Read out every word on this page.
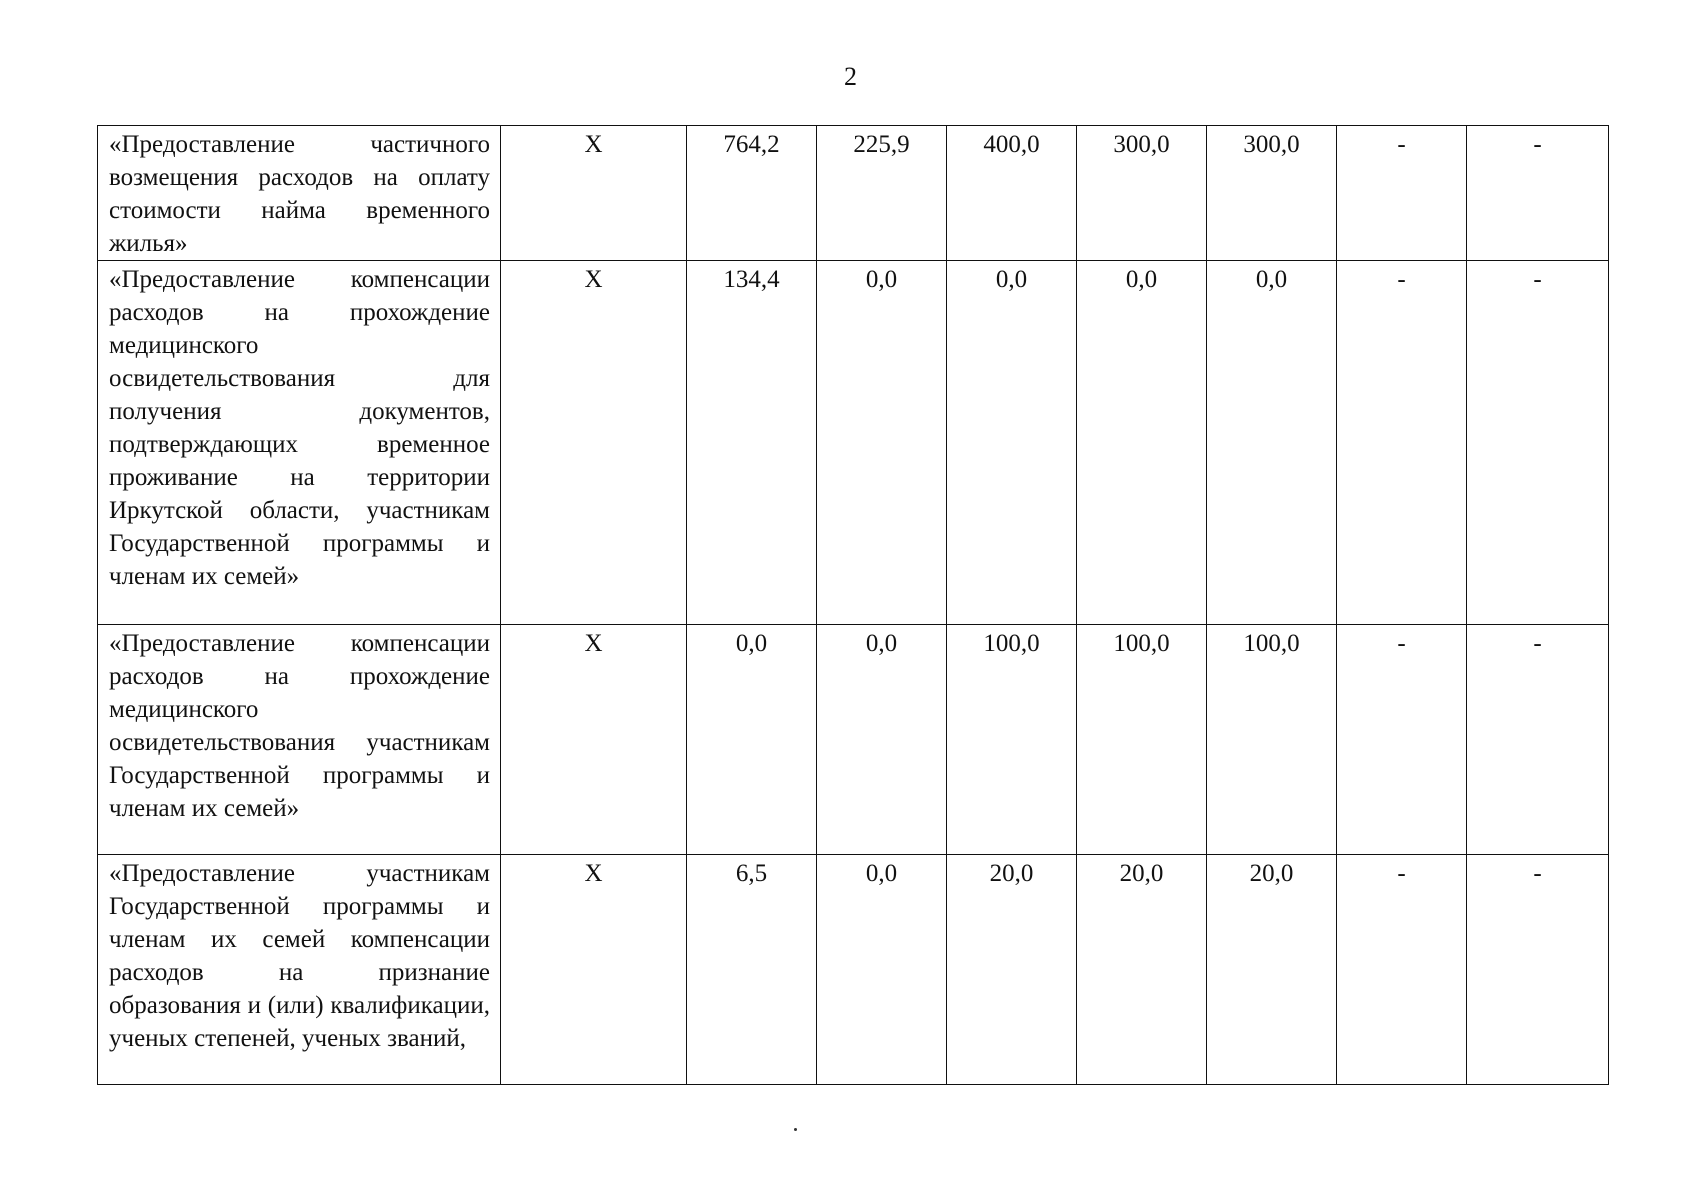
2
«Предоставление частичного возмещения расходов на оплату стоимости найма временного жилья»	Х	764,2	225,9	400,0	300,0	300,0	-	-
«Предоставление компенсации расходов на прохождение медицинского освидетельствования для получения документов, подтверждающих временное проживание на территории Иркутской области, участникам Государственной программы и членам их семей»	Х	134,4	0,0	0,0	0,0	0,0	-	-
«Предоставление компенсации расходов на прохождение медицинского освидетельствования участникам Государственной программы и членам их семей»	Х	0,0	0,0	100,0	100,0	100,0	-	-
«Предоставление участникам Государственной программы и членам их семей компенсации расходов на признание образования и (или) квалификации, ученых степеней, ученых званий,	Х	6,5	0,0	20,0	20,0	20,0	-	-
